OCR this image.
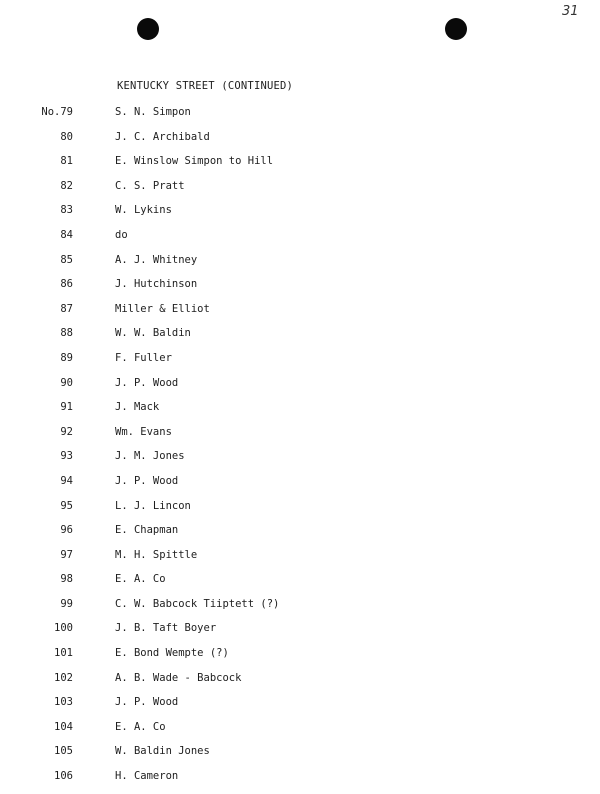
31
KENTUCKY STREET (CONTINUED)
No.79	S. N. Simpon
80	J. C. Archibald
81	E. Winslow Simpon to Hill
82	C. S. Pratt
83	W. Lykins
84	do
85	A. J. Whitney
86	J. Hutchinson
87	Miller & Elliot
88	W. W. Baldin
89	F. Fuller
90	J. P. Wood
91	J. Mack
92	Wm. Evans
93	J. M. Jones
94	J. P. Wood
95	L. J. Lincon
96	E. Chapman
97	M. H. Spittle
98	E. A. Co
99	C. W. Babcock Tiiptett (?)
100	J. B. Taft Boyer
101	E. Bond Wempte (?)
102	A. B. Wade - Babcock
103	J. P. Wood
104	E. A. Co
105	W. Baldin Jones
106	H. Cameron
